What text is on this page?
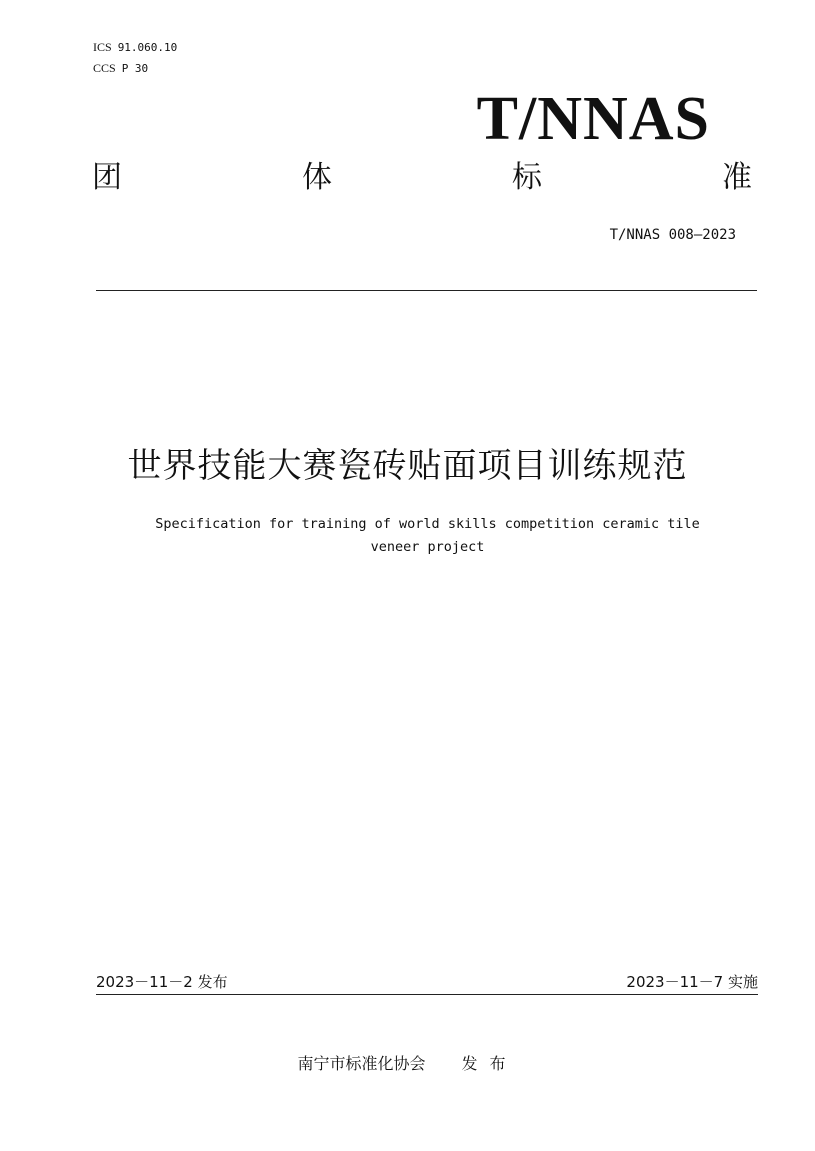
ICS 91.060.10
CCS P 30
T/NNAS
团	体	标	准
T/NNAS 008—2023
世界技能大赛瓷砖贴面项目训练规范
Specification for training of world skills competition ceramic tile
veneer project
2023－11－2 发布	2023－11－7 实施
南宁市标准化协会 发布
